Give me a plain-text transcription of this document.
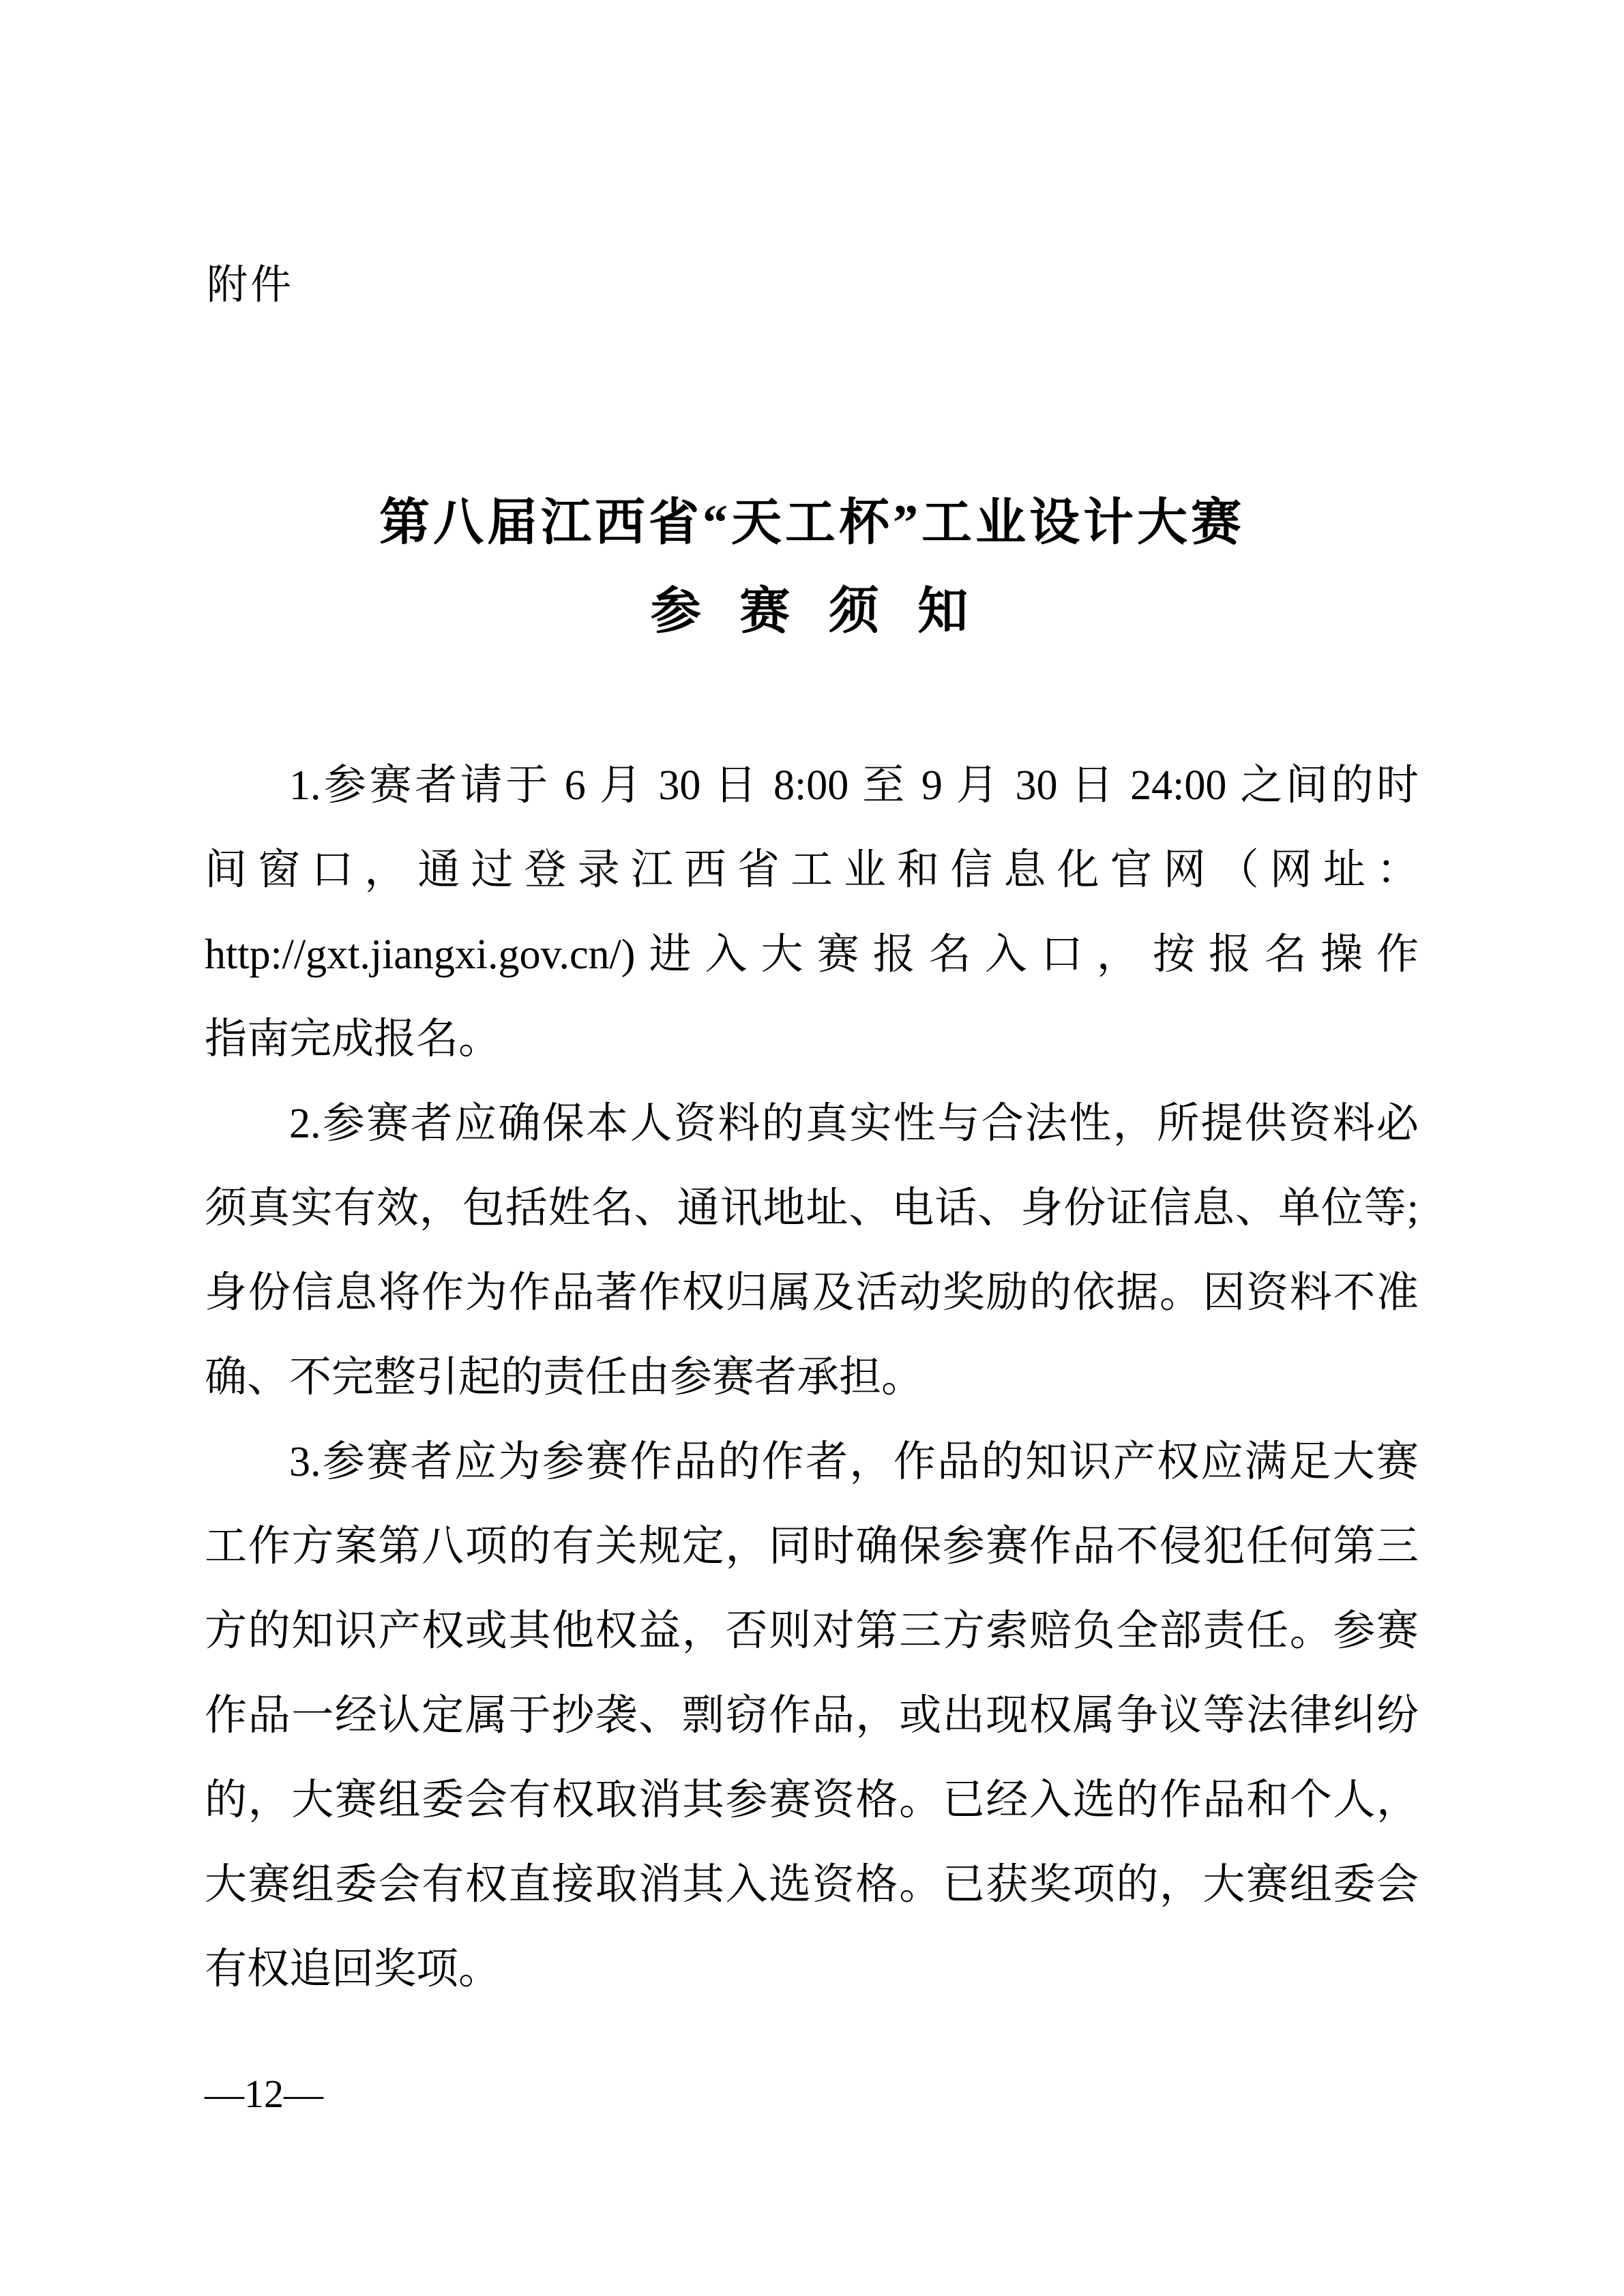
附件
第八届江西省“天工杯”工业设计大赛
参 赛 须 知
1.参赛者请于 6 月 30 日 8:00 至 9 月 30 日 24:00 之间的时
间窗口，通过登录江西省工业和信息化官网（网址：
http://gxt.jiangxi.gov.cn/)进入大赛报名入口，按报名操作
指南完成报名。
2.参赛者应确保本人资料的真实性与合法性，所提供资料必
须真实有效，包括姓名、通讯地址、电话、身份证信息、单位等;
身份信息将作为作品著作权归属及活动奖励的依据。因资料不准
确、不完整引起的责任由参赛者承担。
3.参赛者应为参赛作品的作者，作品的知识产权应满足大赛
工作方案第八项的有关规定，同时确保参赛作品不侵犯任何第三
方的知识产权或其他权益，否则对第三方索赔负全部责任。参赛
作品一经认定属于抄袭、剽窃作品，或出现权属争议等法律纠纷
的，大赛组委会有权取消其参赛资格。已经入选的作品和个人，
大赛组委会有权直接取消其入选资格。已获奖项的，大赛组委会
有权追回奖项。
—12—
